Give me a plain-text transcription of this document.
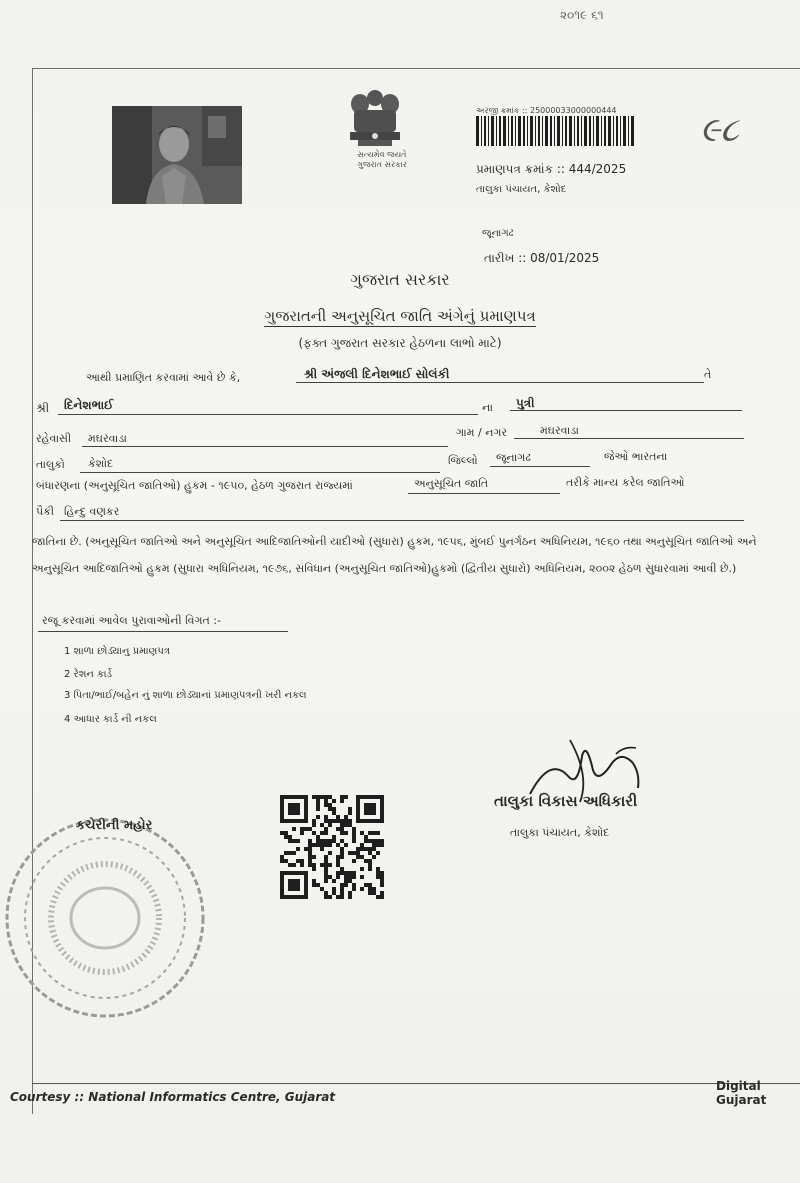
૨૦૧૯ ૬૧
સત્યમેવ જયતે
ગુજરાત સરકાર
અરજી ક્રમાંક :: 25000033000000444
પ્રમાણપત્ર ક્રમાંક :: 444/2025
તાલુકા પંચાયત, કેશોદ
જૂનાગઢ
તારીખ :: 08/01/2025
૯૮
ગુજરાત સરકાર
ગુજરાતની અનુસૂચિત જાતિ અંગેનું પ્રમાણપત્ર
(ફક્ત ગુજરાત સરકાર હેઠળના લાભો માટે)
આથી પ્રમાણિત કરવામાં આવે છે કે,	શ્રી અંજલી દિનેશભાઈ સોલંકી	તે
શ્રી દિનેશભાઈ	ના પુત્રી
રહેવાસી મઘરવાડા	ગામ / નગર	મઘરવાડા
તાલુકો કેશોદ	જિલ્લો જૂનાગઢ	જેઓ ભારતના
બંધારણના (અનુસૂચિત જાતિઓ) હુકમ - ૧૯૫૦, હેઠળ ગુજરાત રાજ્યમાં	અનુસૂચિત જાતિ	તરીકે માન્ય કરેલ જાતિઓ
પૈકી હિન્દુ વણકર
જાતિના છે. (અનુસૂચિત જાતિઓ અને અનુસૂચિત આદિજાતિઓની યાદીઓ (સુધારા) હુકમ, ૧૯૫૬, મુંબઈ પુનર્ગઠન અધિનિયમ, ૧૯૬૦ તથા અનુસૂચિત જાતિઓ અને અનુસૂચિત આદિજાતિઓ હુકમ (સુધારા અધિનિયમ, ૧૯૭૬, સંવિધાન (અનુસૂચિત જાતિઓ)હુકમો (દ્વિતીય સુધારો) અધિનિયમ, ૨૦૦૨ હેઠળ સુધારવામાં આવી છે.)
રજૂ કરવામાં આવેલ પુરાવાઓની વિગત :-
1 શાળા છોડ્યાનુ પ્રમાણપત્ર
2 રેશન કાર્ડ
3 પિતા/ભાઈ/બહેન નું શાળા છોડ્યાનાં પ્રમાણપત્રની ખરી નકલ
4 આધાર કાર્ડ ની નકલ
તાલુકા વિકાસ અધિકારી
તાલુકા પંચાયત, કેશોદ
કચેરીની મહોર
Courtesy :: National Informatics Centre, Gujarat
Digital Gujarat
